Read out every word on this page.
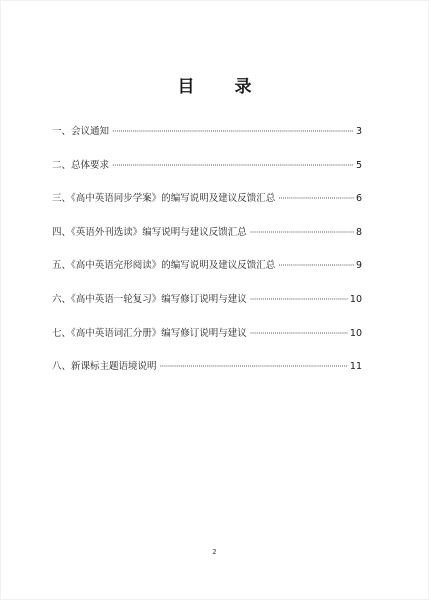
目 录
一、会议通知 ·····	3
二、总体要求 ·····	5
三、《高中英语同步学案》的编写说明及建议反馈汇总 ·····	6
四、《英语外刊选读》编写说明与建议反馈汇总 ·····	8
五、《高中英语完形阅读》的编写说明及建议反馈汇总 ·····	9
六、《高中英语一轮复习》编写修订说明与建议 ·····	10
七、《高中英语词汇分册》编写修订说明与建议 ·····	10
八、新课标主题语境说明 ·····	11
2
